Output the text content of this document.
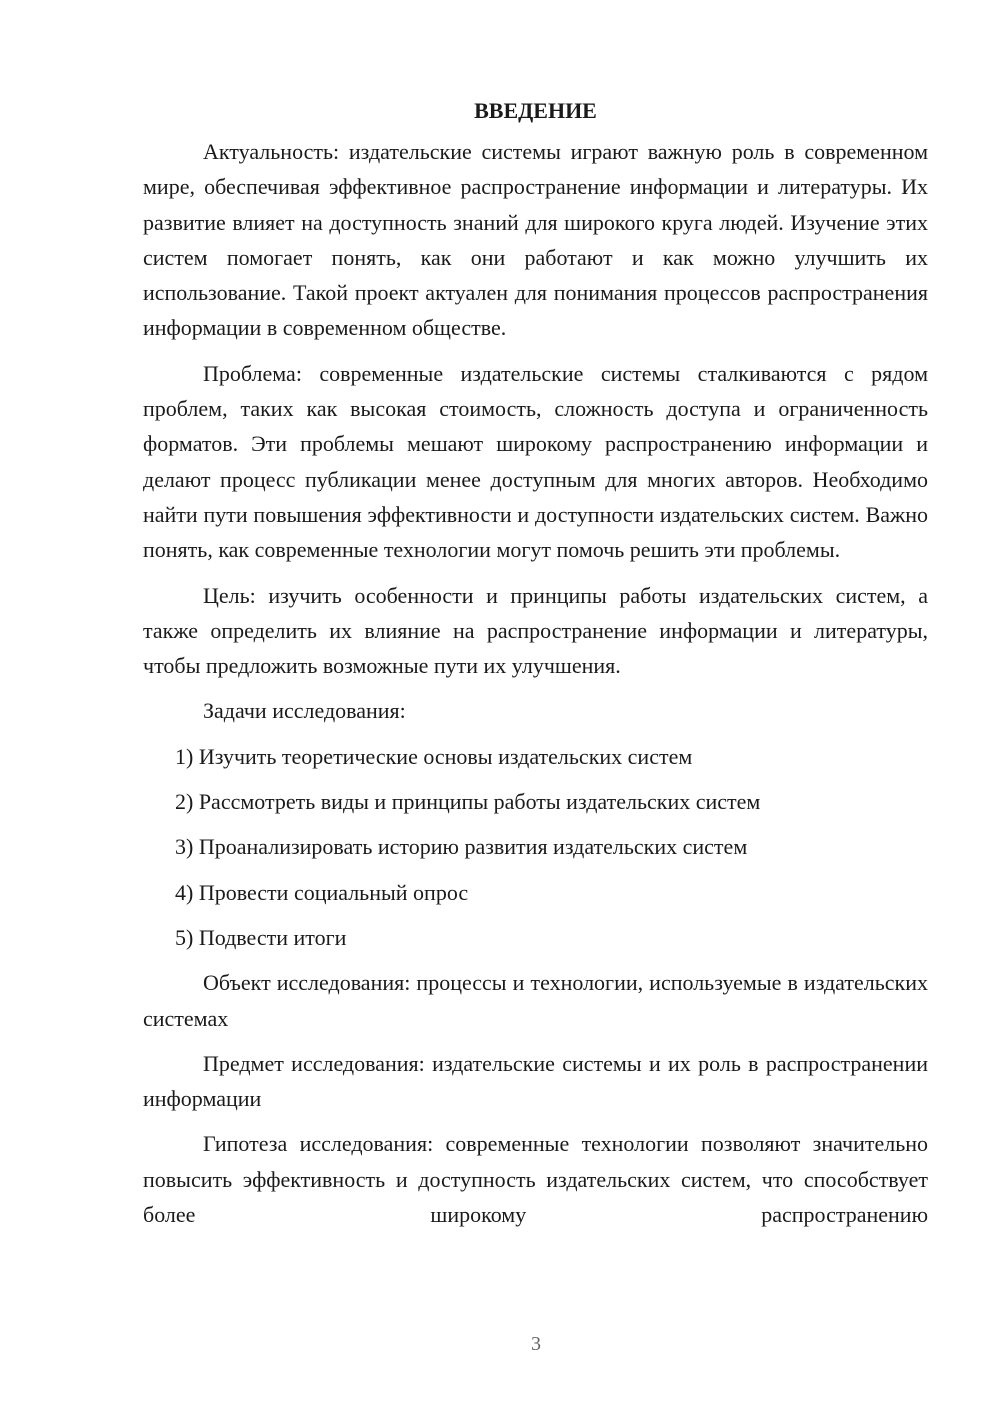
ВВЕДЕНИЕ

Актуальность: издательские системы играют важную роль в современном мире, обеспечивая эффективное распространение информации и литературы. Их развитие влияет на доступность знаний для широкого круга людей. Изучение этих систем помогает понять, как они работают и как можно улучшить их использование. Такой проект актуален для понимания процессов распространения информации в современном обществе.

Проблема: современные издательские системы сталкиваются с рядом проблем, таких как высокая стоимость, сложность доступа и ограниченность форматов. Эти проблемы мешают широкому распространению информации и делают процесс публикации менее доступным для многих авторов. Необходимо найти пути повышения эффективности и доступности издательских систем. Важно понять, как современные технологии могут помочь решить эти проблемы.

Цель: изучить особенности и принципы работы издательских систем, а также определить их влияние на распространение информации и литературы, чтобы предложить возможные пути их улучшения.

Задачи исследования:

1) Изучить теоретические основы издательских систем
2) Рассмотреть виды и принципы работы издательских систем
3) Проанализировать историю развития издательских систем
4) Провести социальный опрос
5) Подвести итоги

Объект исследования: процессы и технологии, используемые в издательских системах

Предмет исследования: издательские системы и их роль в распространении информации

Гипотеза исследования: современные технологии позволяют значительно повысить эффективность и доступность издательских систем, что способствует более широкому распространению

3
